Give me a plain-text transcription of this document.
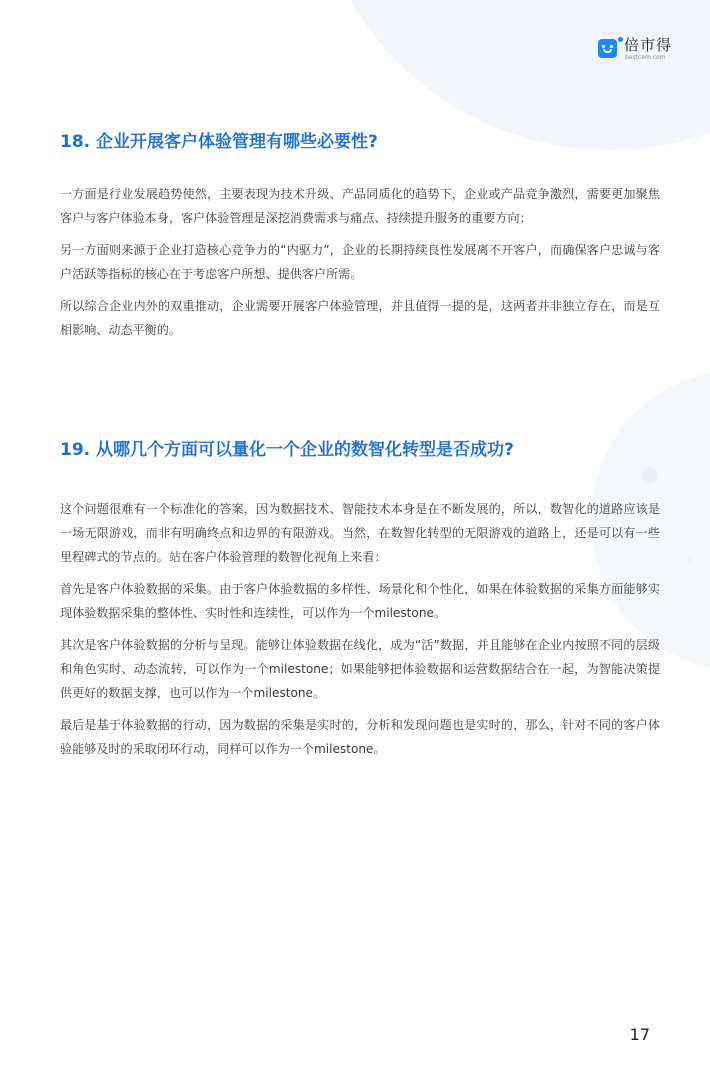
倍市得
bestcem.com
18. 企业开展客户体验管理有哪些必要性?

一方面是行业发展趋势使然，主要表现为技术升级、产品同质化的趋势下，企业或产品竞争激烈，需要更加聚焦客户与客户体验本身，客户体验管理是深挖消费需求与痛点、持续提升服务的重要方向；

另一方面则来源于企业打造核心竞争力的“内驱力”，企业的长期持续良性发展离不开客户，而确保客户忠诚与客户活跃等指标的核心在于考虑客户所想、提供客户所需。

所以综合企业内外的双重推动，企业需要开展客户体验管理，并且值得一提的是，这两者并非独立存在，而是互相影响、动态平衡的。

19. 从哪几个方面可以量化一个企业的数智化转型是否成功?

这个问题很难有一个标准化的答案，因为数据技术、智能技术本身是在不断发展的，所以，数智化的道路应该是一场无限游戏，而非有明确终点和边界的有限游戏。当然，在数智化转型的无限游戏的道路上，还是可以有一些里程碑式的节点的。站在客户体验管理的数智化视角上来看：

首先是客户体验数据的采集。由于客户体验数据的多样性、场景化和个性化，如果在体验数据的采集方面能够实现体验数据采集的整体性、实时性和连续性，可以作为一个milestone。

其次是客户体验数据的分析与呈现。能够让体验数据在线化，成为“活”数据，并且能够在企业内按照不同的层级和角色实时、动态流转，可以作为一个milestone；如果能够把体验数据和运营数据结合在一起，为智能决策提供更好的数据支撑，也可以作为一个milestone。

最后是基于体验数据的行动，因为数据的采集是实时的，分析和发现问题也是实时的，那么，针对不同的客户体验能够及时的采取闭环行动，同样可以作为一个milestone。

17
